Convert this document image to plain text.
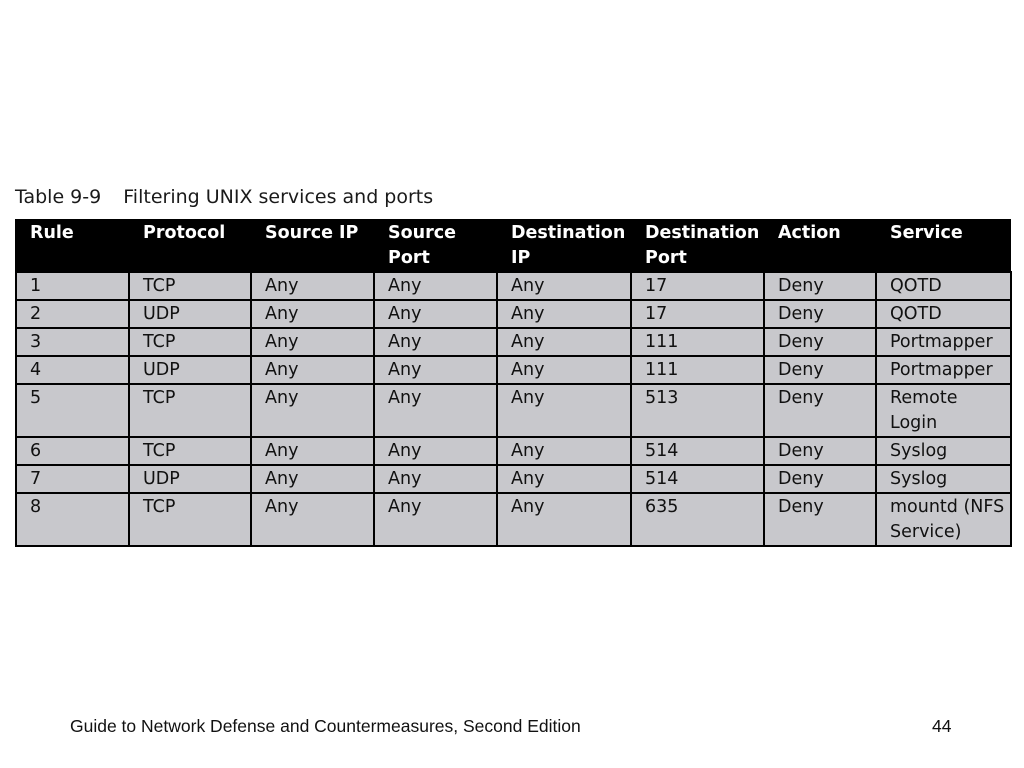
Table 9-9 Filtering UNIX services and ports
Rule	Protocol	Source IP	Source Port	Destination IP	Destination Port	Action	Service
1	TCP	Any	Any	Any	17	Deny	QOTD
2	UDP	Any	Any	Any	17	Deny	QOTD
3	TCP	Any	Any	Any	111	Deny	Portmapper
4	UDP	Any	Any	Any	111	Deny	Portmapper
5	TCP	Any	Any	Any	513	Deny	Remote Login
6	TCP	Any	Any	Any	514	Deny	Syslog
7	UDP	Any	Any	Any	514	Deny	Syslog
8	TCP	Any	Any	Any	635	Deny	mountd (NFS Service)
Guide to Network Defense and Countermeasures, Second Edition	44
